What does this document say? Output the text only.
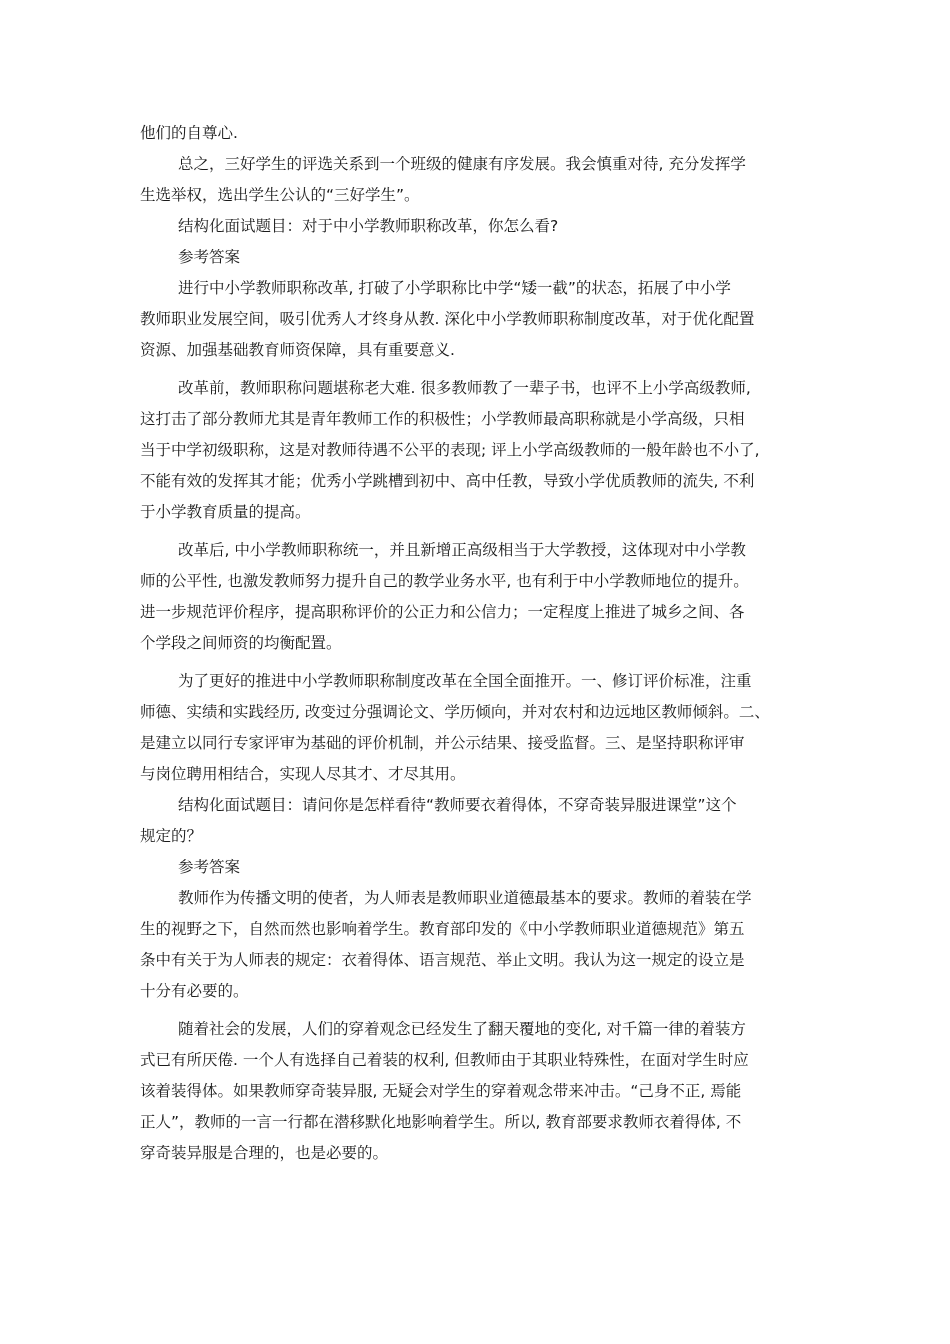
他们的自尊心.
总之，三好学生的评选关系到一个班级的健康有序发展。我会慎重对待, 充分发挥学
生选举权，选出学生公认的“三好学生”。
结构化面试题目：对于中小学教师职称改革，你怎么看?
参考答案
进行中小学教师职称改革, 打破了小学职称比中学“矮一截”的状态，拓展了中小学
教师职业发展空间，吸引优秀人才终身从教. 深化中小学教师职称制度改革，对于优化配置
资源、加强基础教育师资保障，具有重要意义.
改革前，教师职称问题堪称老大难. 很多教师教了一辈子书，也评不上小学高级教师,
这打击了部分教师尤其是青年教师工作的积极性；小学教师最高职称就是小学高级，只相
当于中学初级职称，这是对教师待遇不公平的表现; 评上小学高级教师的一般年龄也不小了,
不能有效的发挥其才能；优秀小学跳槽到初中、高中任教，导致小学优质教师的流失, 不利
于小学教育质量的提高。
改革后, 中小学教师职称统一，并且新增正高级相当于大学教授，这体现对中小学教
师的公平性, 也激发教师努力提升自己的教学业务水平, 也有利于中小学教师地位的提升。
进一步规范评价程序，提高职称评价的公正力和公信力；一定程度上推进了城乡之间、各
个学段之间师资的均衡配置。
为了更好的推进中小学教师职称制度改革在全国全面推开。一、修订评价标准，注重
师德、实绩和实践经历, 改变过分强调论文、学历倾向，并对农村和边远地区教师倾斜。二、
是建立以同行专家评审为基础的评价机制，并公示结果、接受监督。三、是坚持职称评审
与岗位聘用相结合，实现人尽其才、才尽其用。
结构化面试题目：请问你是怎样看待“教师要衣着得体，不穿奇装异服进课堂”这个
规定的？
参考答案
教师作为传播文明的使者，为人师表是教师职业道德最基本的要求。教师的着装在学
生的视野之下，自然而然也影响着学生。教育部印发的《中小学教师职业道德规范》第五
条中有关于为人师表的规定：衣着得体、语言规范、举止文明。我认为这一规定的设立是
十分有必要的。
随着社会的发展，人们的穿着观念已经发生了翻天覆地的变化, 对千篇一律的着装方
式已有所厌倦. 一个人有选择自己着装的权利, 但教师由于其职业特殊性，在面对学生时应
该着装得体。如果教师穿奇装异服, 无疑会对学生的穿着观念带来冲击。“己身不正, 焉能
正人”，教师的一言一行都在潜移默化地影响着学生。所以, 教育部要求教师衣着得体, 不
穿奇装异服是合理的，也是必要的。
